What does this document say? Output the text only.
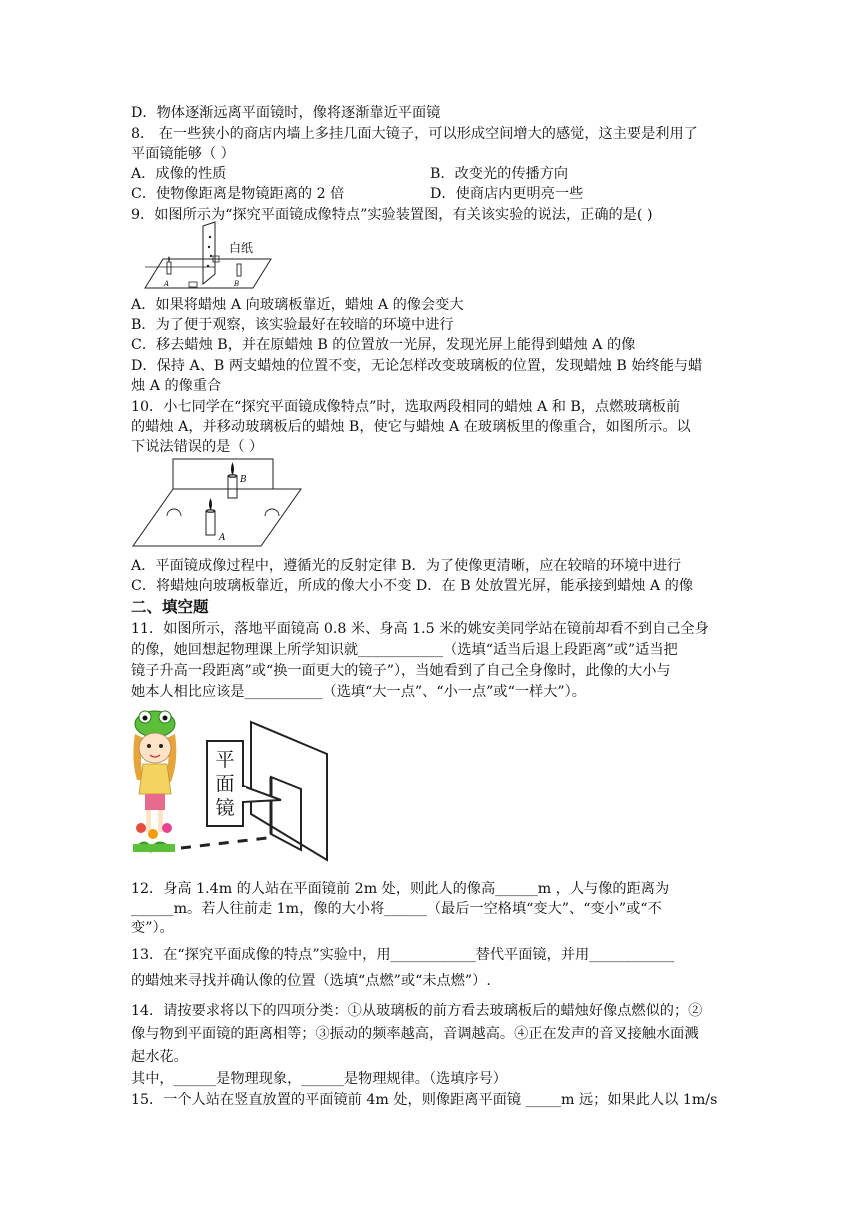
D．物体逐渐远离平面镜时，像将逐渐靠近平面镜
8． 在一些狭小的商店内墙上多挂几面大镜子，可以形成空间增大的感觉，这主要是利用了
平面镜能够（ ）
A．成像的性质	B．改变光的传播方向
C．使物像距离是物镜距离的 2 倍	D．使商店内更明亮一些
9．如图所示为“探究平面镜成像特点”实验装置图，有关该实验的说法，正确的是( )
白纸
A	B
A．如果将蜡烛 A 向玻璃板靠近，蜡烛 A 的像会变大
B．为了便于观察，该实验最好在较暗的环境中进行
C．移去蜡烛 B，并在原蜡烛 B 的位置放一光屏，发现光屏上能得到蜡烛 A 的像
D．保持 A、B 两支蜡烛的位置不变，无论怎样改变玻璃板的位置，发现蜡烛 B 始终能与蜡
烛 A 的像重合
10．小七同学在“探究平面镜成像特点”时，选取两段相同的蜡烛 A 和 B，点燃玻璃板前
的蜡烛 A，并移动玻璃板后的蜡烛 B，使它与蜡烛 A 在玻璃板里的像重合，如图所示。以
下说法错误的是（ ）
B
A
A．平面镜成像过程中，遵循光的反射定律 B．为了使像更清晰，应在较暗的环境中进行
C．将蜡烛向玻璃板靠近，所成的像大小不变 D．在 B 处放置光屏，能承接到蜡烛 A 的像
二、填空题
11．如图所示，落地平面镜高 0.8 米、身高 1.5 米的姚安美同学站在镜前却看不到自己全身
的像，她回想起物理课上所学知识就____________（选填“适当后退上段距离”或”适当把
镜子升高一段距离”或“换一面更大的镜子”），当她看到了自己全身像时，此像的大小与
她本人相比应该是___________（选填“大一点”、“小一点”或“一样大”）。
平
面
镜
12．身高 1.4m 的人站在平面镜前 2m 处，则此人的像高______m ，人与像的距离为
______m。若人往前走 1m，像的大小将______（最后一空格填“变大”、“变小”或“不
变”）。
13．在“探究平面成像的特点”实验中，用____________替代平面镜，并用____________
的蜡烛来寻找并确认像的位置（选填“点燃”或“未点燃”）.
14．请按要求将以下的四项分类：①从玻璃板的前方看去玻璃板后的蜡烛好像点燃似的；②
像与物到平面镜的距离相等；③振动的频率越高，音调越高。④正在发声的音叉接触水面溅
起水花。
其中，______是物理现象，______是物理规律。（选填序号）
15．一个人站在竖直放置的平面镜前 4m 处，则像距离平面镜 _____m 远；如果此人以 1m/s
